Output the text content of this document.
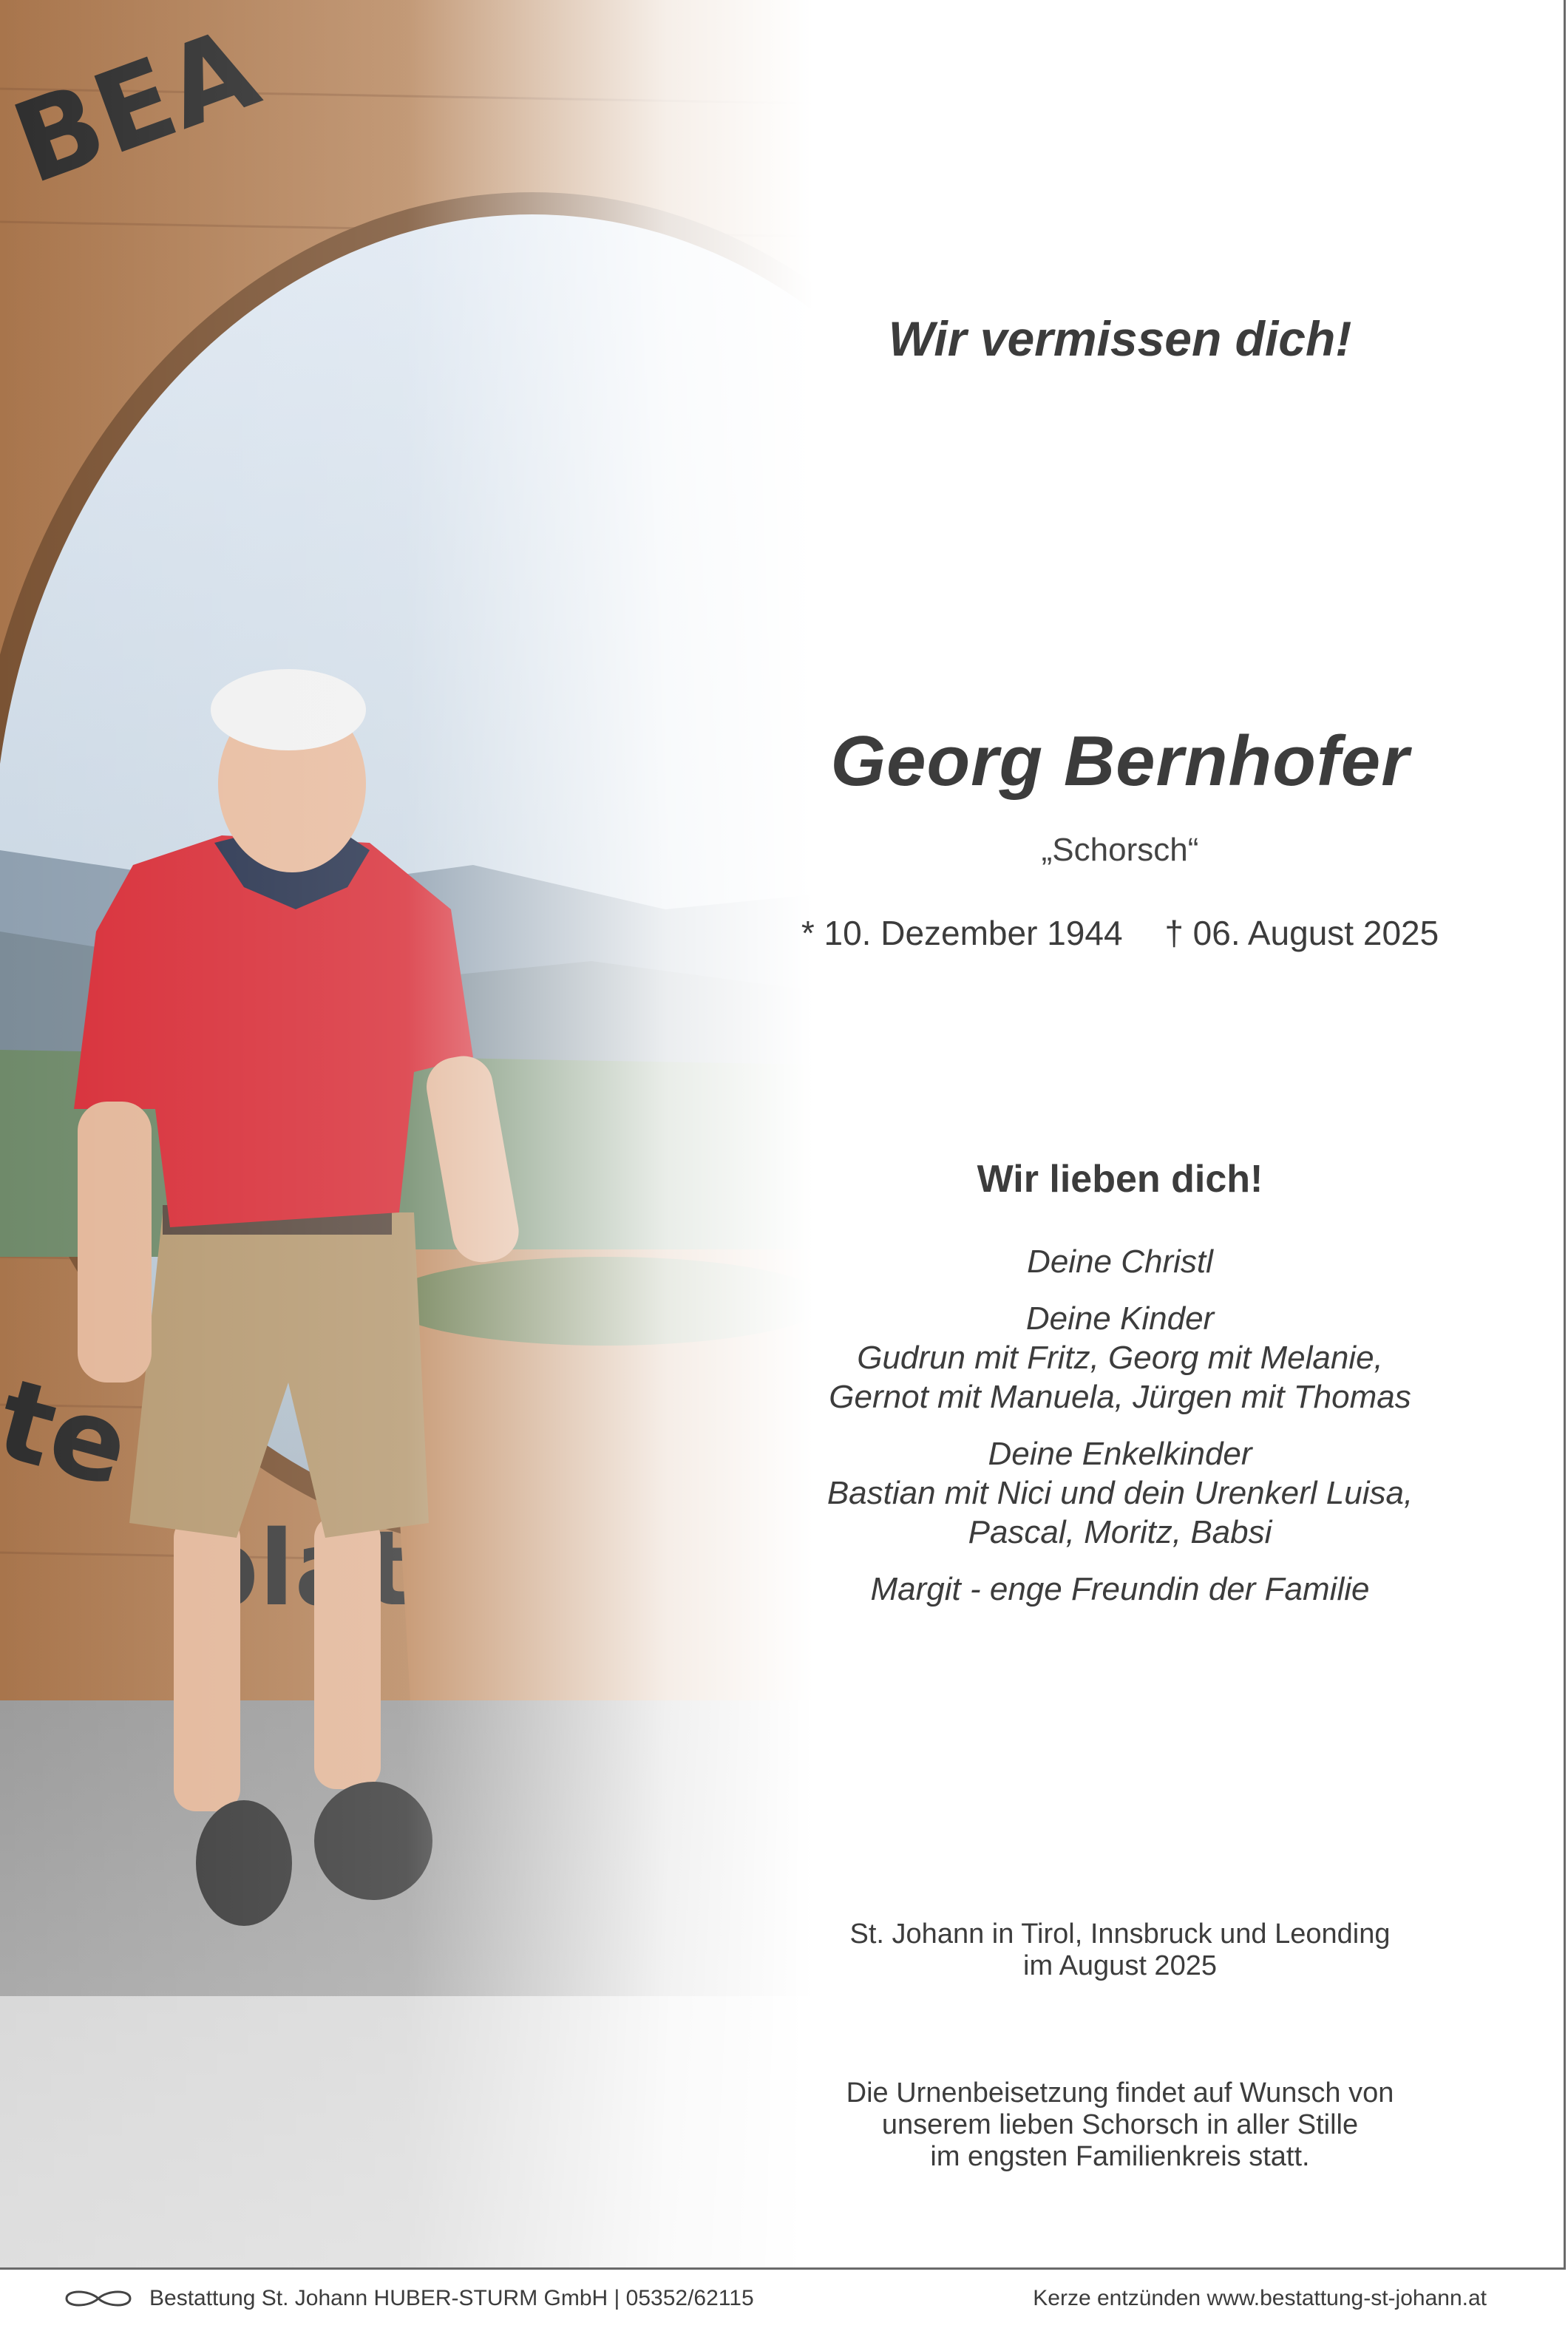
Wir vermissen dich!
Georg Bernhofer
„Schorsch“
* 10. Dezember 1944 † 06. August 2025
Wir lieben dich!
Deine Christl
Deine Kinder
Gudrun mit Fritz, Georg mit Melanie,
Gernot mit Manuela, Jürgen mit Thomas
Deine Enkelkinder
Bastian mit Nici und dein Urenkerl Luisa,
Pascal, Moritz, Babsi
Margit - enge Freundin der Familie
St. Johann in Tirol, Innsbruck und Leonding
im August 2025
Die Urnenbeisetzung findet auf Wunsch von
unserem lieben Schorsch in aller Stille
im engsten Familienkreis statt.
Bestattung St. Johann HUBER-STURM GmbH | 05352/62115	Kerze entzünden www.bestattung-st-johann.at
